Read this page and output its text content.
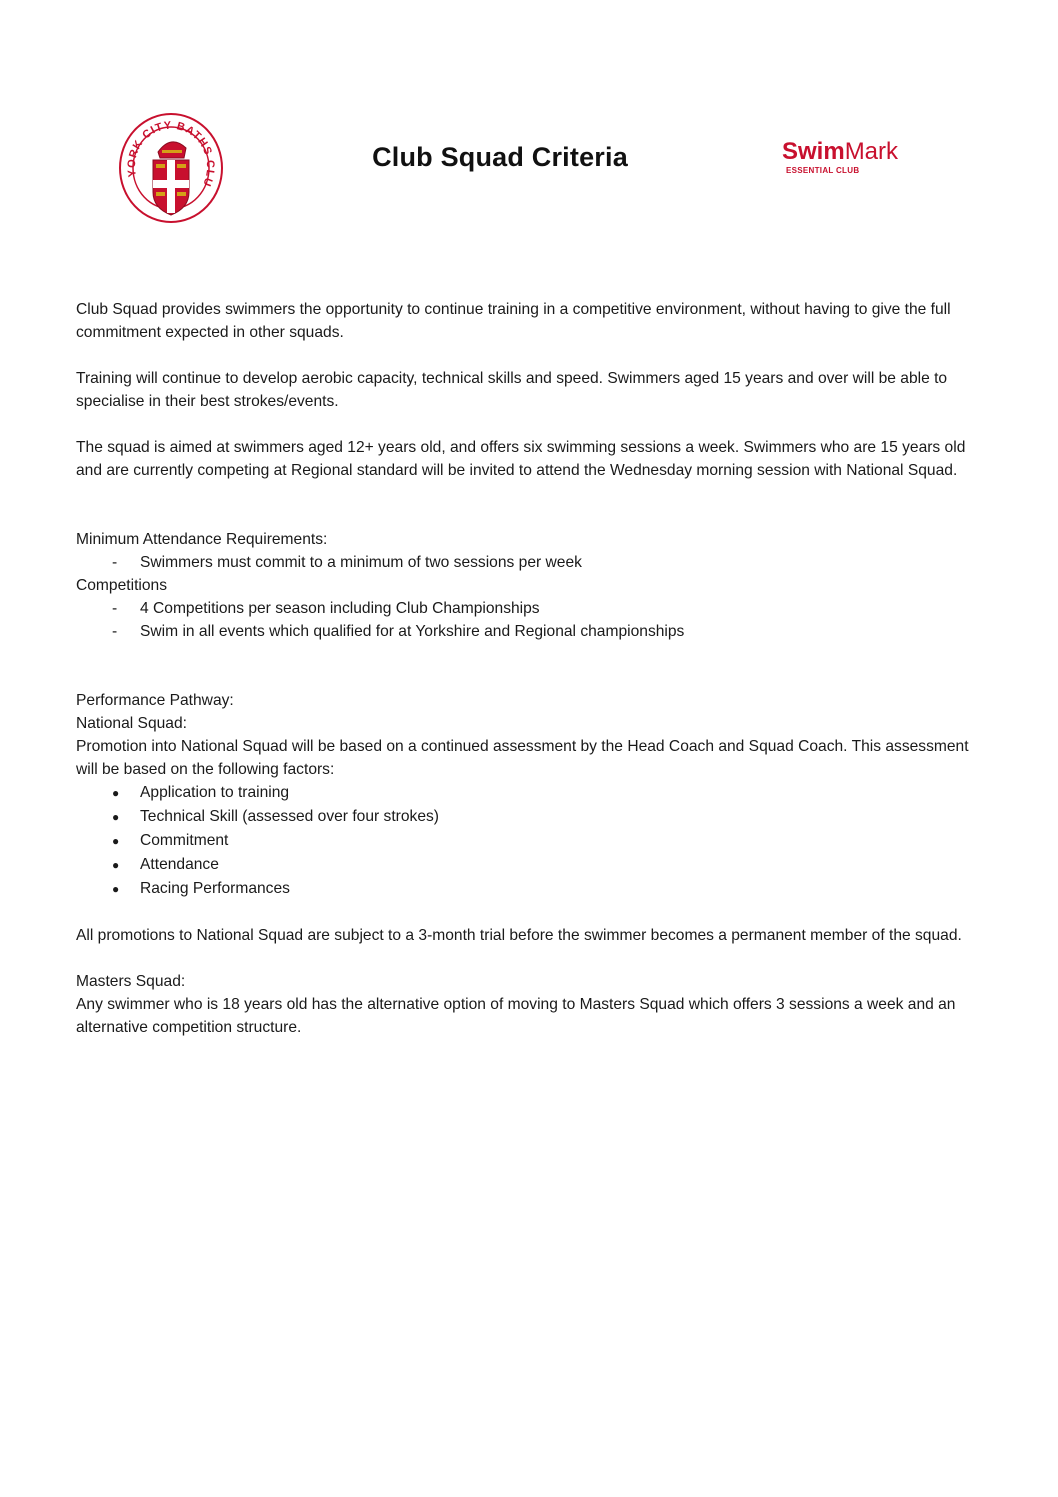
YORK CITY BATHS CLU
Club Squad Criteria	SwimMark
ESSENTIAL CLUB

Club Squad provides swimmers the opportunity to continue training in a competitive environment, without having to give the full commitment expected in other squads.

Training will continue to develop aerobic capacity, technical skills and speed. Swimmers aged 15 years and over will be able to specialise in their best strokes/events.

The squad is aimed at swimmers aged 12+ years old, and offers six swimming sessions a week. Swimmers who are 15 years old and are currently competing at Regional standard will be invited to attend the Wednesday morning session with National Squad.

Minimum Attendance Requirements:

- Swimmers must commit to a minimum of two sessions per week

Competitions

- 4 Competitions per season including Club Championships
- Swim in all events which qualified for at Yorkshire and Regional championships

Performance Pathway:

National Squad:

Promotion into National Squad will be based on a continued assessment by the Head Coach and Squad Coach. This assessment will be based on the following factors:

● Application to training
● Technical Skill (assessed over four strokes)
● Commitment
● Attendance
● Racing Performances

All promotions to National Squad are subject to a 3-month trial before the swimmer becomes a permanent member of the squad.

Masters Squad:

Any swimmer who is 18 years old has the alternative option of moving to Masters Squad which offers 3 sessions a week and an alternative competition structure.
